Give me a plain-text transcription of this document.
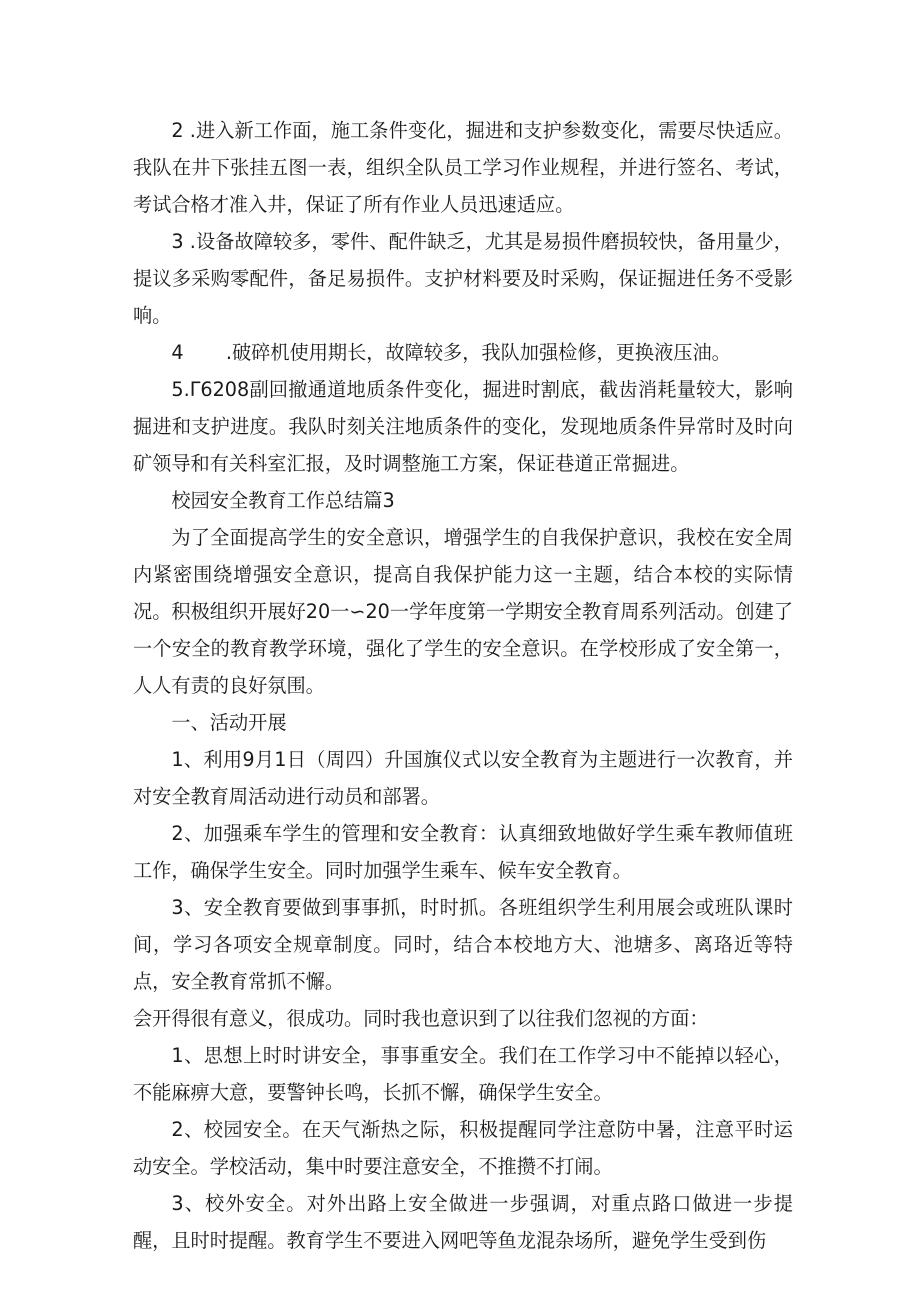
2 .进入新工作面，施工条件变化，掘进和支护参数变化，需要尽快适应。我队在井下张挂五图一表，组织全队员工学习作业规程，并进行签名、考试，考试合格才准入井，保证了所有作业人员迅速适应。

3 .设备故障较多，零件、配件缺乏，尤其是易损件磨损较快，备用量少，提议多采购零配件，备足易损件。支护材料要及时采购，保证掘进任务不受影响。

4 .破碎机使用期长，故障较多，我队加强检修，更换液压油。

5.Γ6208副回撤通道地质条件变化，掘进时割底，截齿消耗量较大，影响掘进和支护进度。我队时刻关注地质条件的变化，发现地质条件异常时及时向矿领导和有关科室汇报，及时调整施工方案，保证巷道正常掘进。

校园安全教育工作总结篇3

为了全面提高学生的安全意识，增强学生的自我保护意识，我校在安全周内紧密围绕增强安全意识，提高自我保护能力这一主题，结合本校的实际情况。积极组织开展好20一∽20一学年度第一学期安全教育周系列活动。创建了一个安全的教育教学环境，强化了学生的安全意识。在学校形成了安全第一，人人有责的良好氛围。

一、活动开展

1、利用9月1日（周四）升国旗仪式以安全教育为主题进行一次教育，并对安全教育周活动进行动员和部署。

2、加强乘车学生的管理和安全教育：认真细致地做好学生乘车教师值班工作，确保学生安全。同时加强学生乘车、候车安全教育。

3、安全教育要做到事事抓，时时抓。各班组织学生利用展会或班队课时间，学习各项安全规章制度。同时，结合本校地方大、池塘多、离珞近等特点，安全教育常抓不懈。

会开得很有意义，很成功。同时我也意识到了以往我们忽视的方面：

1、思想上时时讲安全，事事重安全。我们在工作学习中不能掉以轻心，不能麻痹大意，要警钟长鸣，长抓不懈，确保学生安全。

2、校园安全。在天气渐热之际，积极提醒同学注意防中暑，注意平时运动安全。学校活动，集中时要注意安全，不推攒不打闹。

3、校外安全。对外出路上安全做进一步强调，对重点路口做进一步提醒，且时时提醒。教育学生不要进入网吧等鱼龙混杂场所，避免学生受到伤
